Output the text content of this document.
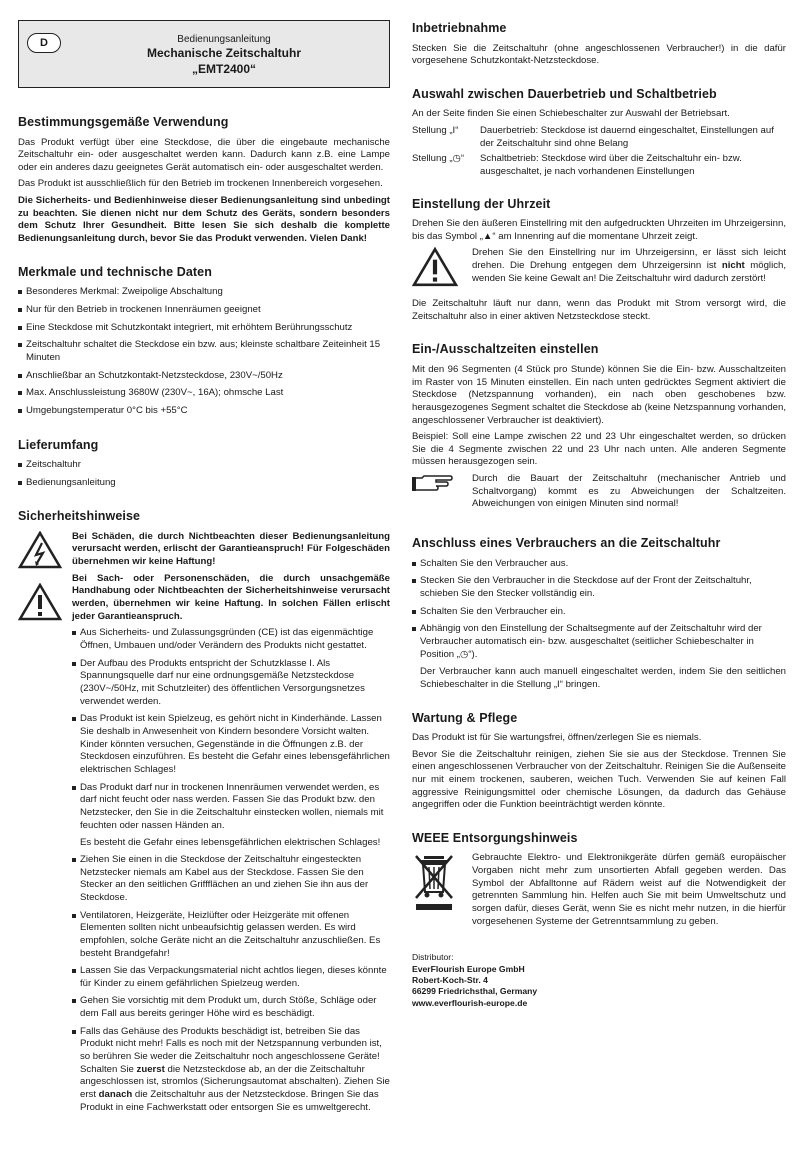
D	Bedienungsanleitung
Mechanische Zeitschaltuhr
„EMT2400“
Bestimmungsgemäße Verwendung

Das Produkt verfügt über eine Steckdose, die über die eingebaute mechanische Zeitschaltuhr ein- oder ausgeschaltet werden kann. Dadurch kann z.B. eine Lampe oder ein anderes dazu geeignetes Gerät automatisch ein- oder ausgeschaltet werden.

Das Produkt ist ausschließlich für den Betrieb im trockenen Innenbereich vorgesehen.

Die Sicherheits- und Bedienhinweise dieser Bedienungsanleitung sind unbedingt zu beachten. Sie dienen nicht nur dem Schutz des Geräts, sondern besonders dem Schutz Ihrer Gesundheit. Bitte lesen Sie sich deshalb die komplette Bedienungsanleitung durch, bevor Sie das Produkt verwenden. Vielen Dank!

Merkmale und technische Daten
Besonderes Merkmal: Zweipolige Abschaltung
Nur für den Betrieb in trockenen Innenräumen geeignet
Eine Steckdose mit Schutzkontakt integriert, mit erhöhtem Berührungsschutz
Zeitschaltuhr schaltet die Steckdose ein bzw. aus; kleinste schaltbare Zeiteinheit 15 Minuten
Anschließbar an Schutzkontakt-Netzsteckdose, 230V~/50Hz
Max. Anschlussleistung 3680W (230V~, 16A); ohmsche Last
Umgebungstemperatur 0°C bis +55°C
Lieferumfang
Zeitschaltuhr
Bedienungsanleitung
Sicherheitshinweise

Bei Schäden, die durch Nichtbeachten dieser Bedienungsanleitung verursacht werden, erlischt der Garantieanspruch! Für Folgeschäden übernehmen wir keine Haftung!

Bei Sach- oder Personenschäden, die durch unsachgemäße Handhabung oder Nichtbeachten der Sicherheitshinweise verursacht werden, übernehmen wir keine Haftung. In solchen Fällen erlischt jeder Garantieanspruch.

Aus Sicherheits- und Zulassungsgründen (CE) ist das eigenmächtige Öffnen, Umbauen und/oder Verändern des Produkts nicht gestattet.
Der Aufbau des Produkts entspricht der Schutzklasse I. Als Spannungsquelle darf nur eine ordnungsgemäße Netzsteckdose (230V~/50Hz, mit Schutzleiter) des öffentlichen Versorgungsnetzes verwendet werden.
Das Produkt ist kein Spielzeug, es gehört nicht in Kinderhände. Lassen Sie deshalb in Anwesenheit von Kindern besondere Vorsicht walten. Kinder könnten versuchen, Gegenstände in die Öffnungen z.B. der Steckdosen einzuführen. Es besteht die Gefahr eines lebensgefährlichen elektrischen Schlages!
Das Produkt darf nur in trockenen Innenräumen verwendet werden, es darf nicht feucht oder nass werden. Fassen Sie das Produkt bzw. den Netzstecker, den Sie in die Zeitschaltuhr einstecken wollen, niemals mit feuchten oder nassen Händen an.

Es besteht die Gefahr eines lebensgefährlichen elektrischen Schlages!

Ziehen Sie einen in die Steckdose der Zeitschaltuhr eingesteckten Netzstecker niemals am Kabel aus der Steckdose. Fassen Sie den Stecker an den seitlichen Griffflächen an und ziehen Sie ihn aus der Steckdose.
Ventilatoren, Heizgeräte, Heizlüfter oder Heizgeräte mit offenen Elementen sollten nicht unbeaufsichtig gelassen werden. Es wird empfohlen, solche Geräte nicht an die Zeitschaltuhr anzuschließen. Es besteht Brandgefahr!
Lassen Sie das Verpackungsmaterial nicht achtlos liegen, dieses könnte für Kinder zu einem gefährlichen Spielzeug werden.
Gehen Sie vorsichtig mit dem Produkt um, durch Stöße, Schläge oder dem Fall aus bereits geringer Höhe wird es beschädigt.
Falls das Gehäuse des Produkts beschädigt ist, betreiben Sie das Produkt nicht mehr! Falls es noch mit der Netzspannung verbunden ist, so berühren Sie weder die Zeitschaltuhr noch angeschlossene Geräte! Schalten Sie zuerst die Netzsteckdose ab, an der die Zeitschaltuhr angeschlossen ist, stromlos (Sicherungsautomat abschalten). Ziehen Sie erst danach die Zeitschaltuhr aus der Netzsteckdose. Bringen Sie das Produkt in eine Fachwerkstatt oder entsorgen Sie es umweltgerecht.
Inbetriebnahme

Stecken Sie die Zeitschaltuhr (ohne angeschlossenen Verbraucher!) in die dafür vorgesehene Schutzkontakt-Netzsteckdose.

Auswahl zwischen Dauerbetrieb und Schaltbetrieb

An der Seite finden Sie einen Schiebeschalter zur Auswahl der Betriebsart.

Stellung „I“	Dauerbetrieb: Steckdose ist dauernd eingeschaltet, Einstellungen auf der Zeitschaltuhr sind ohne Belang
Stellung „◷“	Schaltbetrieb: Steckdose wird über die Zeitschaltuhr ein- bzw. ausgeschaltet, je nach vorhandenen Einstellungen
Einstellung der Uhrzeit

Drehen Sie den äußeren Einstellring mit den aufgedruckten Uhrzeiten im Uhrzeigersinn, bis das Symbol „▲“ am Innenring auf die momentane Uhrzeit zeigt.

Drehen Sie den Einstellring nur im Uhrzeigersinn, er lässt sich leicht drehen. Die Drehung entgegen dem Uhrzeigersinn ist nicht möglich, wenden Sie keine Gewalt an! Die Zeitschaltuhr wird dadurch zerstört!

Die Zeitschaltuhr läuft nur dann, wenn das Produkt mit Strom versorgt wird, die Zeitschaltuhr also in einer aktiven Netzsteckdose steckt.

Ein-/Ausschaltzeiten einstellen

Mit den 96 Segmenten (4 Stück pro Stunde) können Sie die Ein- bzw. Ausschaltzeiten im Raster von 15 Minuten einstellen. Ein nach unten gedrücktes Segment aktiviert die Steckdose (Netzspannung vorhanden), ein nach oben geschobenes bzw. herausgezogenes Segment schaltet die Steckdose ab (keine Netzspannung vorhanden, angeschlossener Verbraucher ist deaktiviert).

Beispiel: Soll eine Lampe zwischen 22 und 23 Uhr eingeschaltet werden, so drücken Sie die 4 Segmente zwischen 22 und 23 Uhr nach unten. Alle anderen Segmente müssen herausgezogen sein.

Durch die Bauart der Zeitschaltuhr (mechanischer Antrieb und Schaltvorgang) kommt es zu Abweichungen der Schaltzeiten. Abweichungen von einigen Minuten sind normal!

Anschluss eines Verbrauchers an die Zeitschaltuhr
Schalten Sie den Verbraucher aus.
Stecken Sie den Verbraucher in die Steckdose auf der Front der Zeitschaltuhr, schieben Sie den Stecker vollständig ein.
Schalten Sie den Verbraucher ein.
Abhängig von den Einstellung der Schaltsegmente auf der Zeitschaltuhr wird der Verbraucher automatisch ein- bzw. ausgeschaltet (seitlicher Schiebeschalter in Position „◷“).

Der Verbraucher kann auch manuell eingeschaltet werden, indem Sie den seitlichen Schiebeschalter in die Stellung „I“ bringen.

Wartung & Pflege

Das Produkt ist für Sie wartungsfrei, öffnen/zerlegen Sie es niemals.

Bevor Sie die Zeitschaltuhr reinigen, ziehen Sie sie aus der Steckdose. Trennen Sie einen angeschlossenen Verbraucher von der Zeitschaltuhr. Reinigen Sie die Außenseite nur mit einem trockenen, sauberen, weichen Tuch. Verwenden Sie auf keinen Fall aggressive Reinigungsmittel oder chemische Lösungen, da dadurch das Gehäuse angegriffen oder die Funktion beeinträchtigt werden könnte.

WEEE Entsorgungshinweis

Gebrauchte Elektro- und Elektronikgeräte dürfen gemäß europäischer Vorgaben nicht mehr zum unsortierten Abfall gegeben werden. Das Symbol der Abfalltonne auf Rädern weist auf die Notwendigkeit der getrennten Sammlung hin. Helfen auch Sie mit beim Umweltschutz und sorgen dafür, dieses Gerät, wenn Sie es nicht mehr nutzen, in die hierfür vorgesehenen Systeme der Getrenntsammlung zu geben.

Distributor:

EverFlourish Europe GmbH

Robert-Koch-Str. 4

66299 Friedrichsthal, Germany

www.everflourish-europe.de
